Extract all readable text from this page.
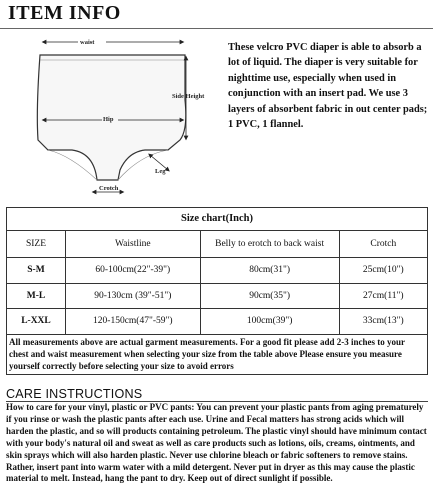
ITEM INFO
waist
Hip
Side Height
Leg
Crotch
These velcro PVC diaper is able to absorb a lot of liquid. The diaper is very suitable for nighttime use, especially when used in conjunction with an insert pad. We use 3 layers of absorbent fabric in out center pads; 1 PVC, 1 flannel.
Size chart(Inch)
SIZE	Waistline	Belly to erotch to back waist	Crotch
S-M	60-100cm(22"-39")	80cm(31")	25cm(10")
M-L	90-130cm (39"-51")	90cm(35")	27cm(11")
L-XXL	120-150cm(47"-59")	100cm(39")	33cm(13")
All measurements above are actual garment measurements. For a good fit please add 2-3 inches to your chest and waist measurement when selecting your size from the table above Please ensure you measure yourself correctly before selecting your size to avoid errors
CARE INSTRUCTIONS
How to care for your vinyl, plastic or PVC pants: You can prevent your plastic pants from aging prematurely if you rinse or wash the plastic pants after each use. Urine and Fecal matters has strong acids which will harden the plastic, and so will products containing petroleum. The plastic vinyl should have minimum contact with your body's natural oil and sweat as well as care products such as lotions, oils, creams, ointments, and skin sprays which will also harden plastic. Never use chlorine bleach or fabric softeners to remove stains. Rather, insert pant into warm water with a mild detergent. Never put in dryer as this may cause the plastic material to melt. Instead, hang the pant to dry. Keep out of direct sunlight if possible.
